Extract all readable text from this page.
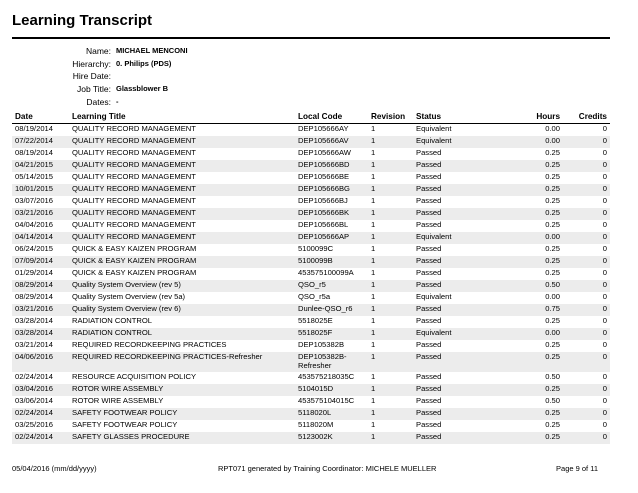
Learning Transcript
Name: MICHAEL MENCONI
Hierarchy: 0. Philips (PDS)
Hire Date:
Job Title: Glassblower B
Dates: -
Date	Learning Title	Local Code	Revision	Status	Hours	Credits
08/19/2014	QUALITY RECORD MANAGEMENT	DEP105666AY	1	Equivalent	0.00	0
07/22/2014	QUALITY RECORD MANAGEMENT	DEP105666AV	1	Equivalent	0.00	0
08/19/2014	QUALITY RECORD MANAGEMENT	DEP105666AW	1	Passed	0.25	0
04/21/2015	QUALITY RECORD MANAGEMENT	DEP105666BD	1	Passed	0.25	0
05/14/2015	QUALITY RECORD MANAGEMENT	DEP105666BE	1	Passed	0.25	0
10/01/2015	QUALITY RECORD MANAGEMENT	DEP105666BG	1	Passed	0.25	0
03/07/2016	QUALITY RECORD MANAGEMENT	DEP105666BJ	1	Passed	0.25	0
03/21/2016	QUALITY RECORD MANAGEMENT	DEP105666BK	1	Passed	0.25	0
04/04/2016	QUALITY RECORD MANAGEMENT	DEP105666BL	1	Passed	0.25	0
04/14/2014	QUALITY RECORD MANAGEMENT	DEP105666AP	1	Equivalent	0.00	0
06/24/2015	QUICK & EASY KAIZEN PROGRAM	5100099C	1	Passed	0.25	0
07/09/2014	QUICK & EASY KAIZEN PROGRAM	5100099B	1	Passed	0.25	0
01/29/2014	QUICK & EASY KAIZEN PROGRAM	453575100099A	1	Passed	0.25	0
08/29/2014	Quality System Overview (rev 5)	QSO_r5	1	Passed	0.50	0
08/29/2014	Quality System Overview (rev 5a)	QSO_r5a	1	Equivalent	0.00	0
03/21/2016	Quality System Overview (rev 6)	Dunlee-QSO_r6	1	Passed	0.75	0
03/28/2014	RADIATION CONTROL	5518025E	1	Passed	0.25	0
03/28/2014	RADIATION CONTROL	5518025F	1	Equivalent	0.00	0
03/21/2014	REQUIRED RECORDKEEPING PRACTICES	DEP105382B	1	Passed	0.25	0
04/06/2016	REQUIRED RECORDKEEPING PRACTICES-Refresher	DEP105382B-Refresher	1	Passed	0.25	0
02/24/2014	RESOURCE ACQUISITION POLICY	453575218035C	1	Passed	0.50	0
03/04/2016	ROTOR WIRE ASSEMBLY	5104015D	1	Passed	0.25	0
03/06/2014	ROTOR WIRE ASSEMBLY	453575104015C	1	Passed	0.50	0
02/24/2014	SAFETY FOOTWEAR POLICY	5118020L	1	Passed	0.25	0
03/25/2016	SAFETY FOOTWEAR POLICY	5118020M	1	Passed	0.25	0
02/24/2014	SAFETY GLASSES PROCEDURE	5123002K	1	Passed	0.25	0
05/04/2016 (mm/dd/yyyy)	RPT071 generated by Training Coordinator: MICHELE MUELLER	Page 9 of 11
